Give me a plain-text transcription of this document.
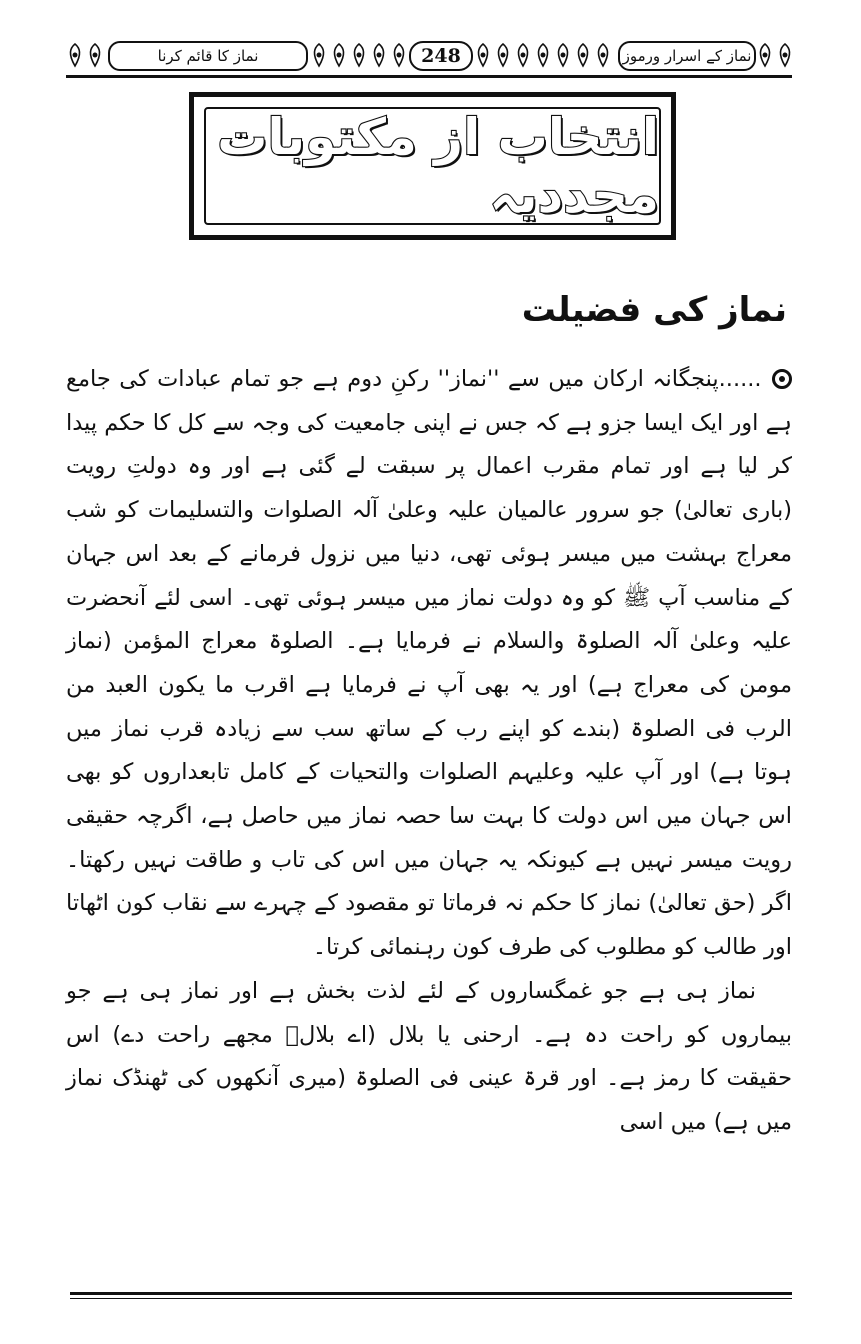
نماز کا قائم کرنا	248	نماز کے اسرار ورموز
انتخاب از مکتوبات مجددیہ
نماز کی فضیلت

......پنجگانہ ارکان میں سے ''نماز'' رکنِ دوم ہے جو تمام عبادات کی جامع ہے اور ایک ایسا جزو ہے کہ جس نے اپنی جامعیت کی وجہ سے کل کا حکم پیدا کر لیا ہے اور تمام مقرب اعمال پر سبقت لے گئی ہے اور وہ دولتِ رویت (باری تعالیٰ) جو سرور عالمیان علیہ وعلیٰ آلہ الصلوات والتسلیمات کو شب معراج بہشت میں میسر ہوئی تھی، دنیا میں نزول فرمانے کے بعد اس جہان کے مناسب آپ ﷺ کو وہ دولت نماز میں میسر ہوئی تھی۔ اسی لئے آنحضرت علیہ وعلیٰ آلہ الصلوۃ والسلام نے فرمایا ہے۔ الصلوۃ معراج المؤمن (نماز مومن کی معراج ہے) اور یہ بھی آپ نے فرمایا ہے اقرب ما یکون العبد من الرب فی الصلوۃ (بندے کو اپنے رب کے ساتھ سب سے زیادہ قرب نماز میں ہوتا ہے) اور آپ علیہ وعلیہم الصلوات والتحیات کے کامل تابعداروں کو بھی اس جہان میں اس دولت کا بہت سا حصہ نماز میں حاصل ہے، اگرچہ حقیقی رویت میسر نہیں ہے کیونکہ یہ جہان میں اس کی تاب و طاقت نہیں رکھتا۔ اگر (حق تعالیٰ) نماز کا حکم نہ فرماتا تو مقصود کے چہرے سے نقاب کون اٹھاتا اور طالب کو مطلوب کی طرف کون رہنمائی کرتا۔

نماز ہی ہے جو غمگساروں کے لئے لذت بخش ہے اور نماز ہی ہے جو بیماروں کو راحت دہ ہے۔ ارحنی یا بلال (اے بلالؓ مجھے راحت دے) اس حقیقت کا رمز ہے۔ اور قرۃ عینی فی الصلوۃ (میری آنکھوں کی ٹھنڈک نماز میں ہے) میں اسی
